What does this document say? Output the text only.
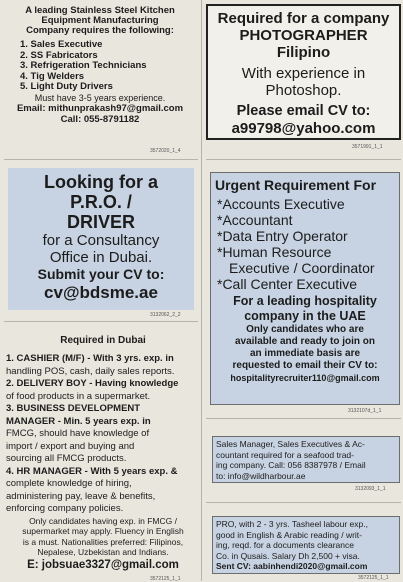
A leading Stainless Steel Kitchen
Equipment Manufacturing
Company requires the following:
1. Sales Executive
2. SS Fabricators
3. Refrigeration Technicians
4. Tig Welders
5. Light Duty Drivers
Must have 3-5 years experience.
Email: mithunprakash97@gmail.com
Call: 055-8791182
3572020_1_4
Required for a company
PHOTOGRAPHER
Filipino
With experience in
Photoshop.
Please email CV to:
a99798@yahoo.com
3571991_1_1
Looking for a
P.R.O. /
DRIVER
for a Consultancy
Office in Dubai.
Submit your CV to:
cv@bdsme.ae
3132062_2_2
Urgent Requirement For
*Accounts Executive
*Accountant
*Data Entry Operator
*Human Resource
Executive / Coordinator
*Call Center Executive
For a leading hospitality
company in the UAE
Only candidates who are
available and ready to join on
an immediate basis are
requested to email their CV to:
hospitalityrecruiter110@gmail.com
3132107d_1_1
Required in Dubai
1. CASHIER (M/F) - With 3 yrs. exp. in
handling POS, cash, daily sales reports.
2. DELIVERY BOY - Having knowledge
of food products in a supermarket.
3. BUSINESS DEVELOPMENT
MANAGER - Min. 5 years exp. in
FMCG, should have knowledge of
import / export and buying and
sourcing all FMCG products.
4. HR MANAGER - With 5 years exp. &
complete knowledge of hiring,
administering pay, leave & benefits,
enforcing company policies.
Only candidates having exp. in FMCG /
supermarket may apply. Fluency in English
is a must. Nationalities preferred: Filipinos,
Nepalese, Uzbekistan and Indians.
E: jobsuae3327@gmail.com
3572125_1_1
Sales Manager, Sales Executives & Ac-
countant required for a seafood trad-
ing company. Call: 056 8387978 / Email
to: info@wildharbour.ae
3132093_1_1
PRO, with 2 - 3 yrs. Tasheel labour exp.,
good in English & Arabic reading / writ-
ing, reqd. for a documents clearance
Co. in Qusais. Salary Dh 2,500 + visa.
Sent CV: aabinhendi2020@gmail.com
3572125_1_1
